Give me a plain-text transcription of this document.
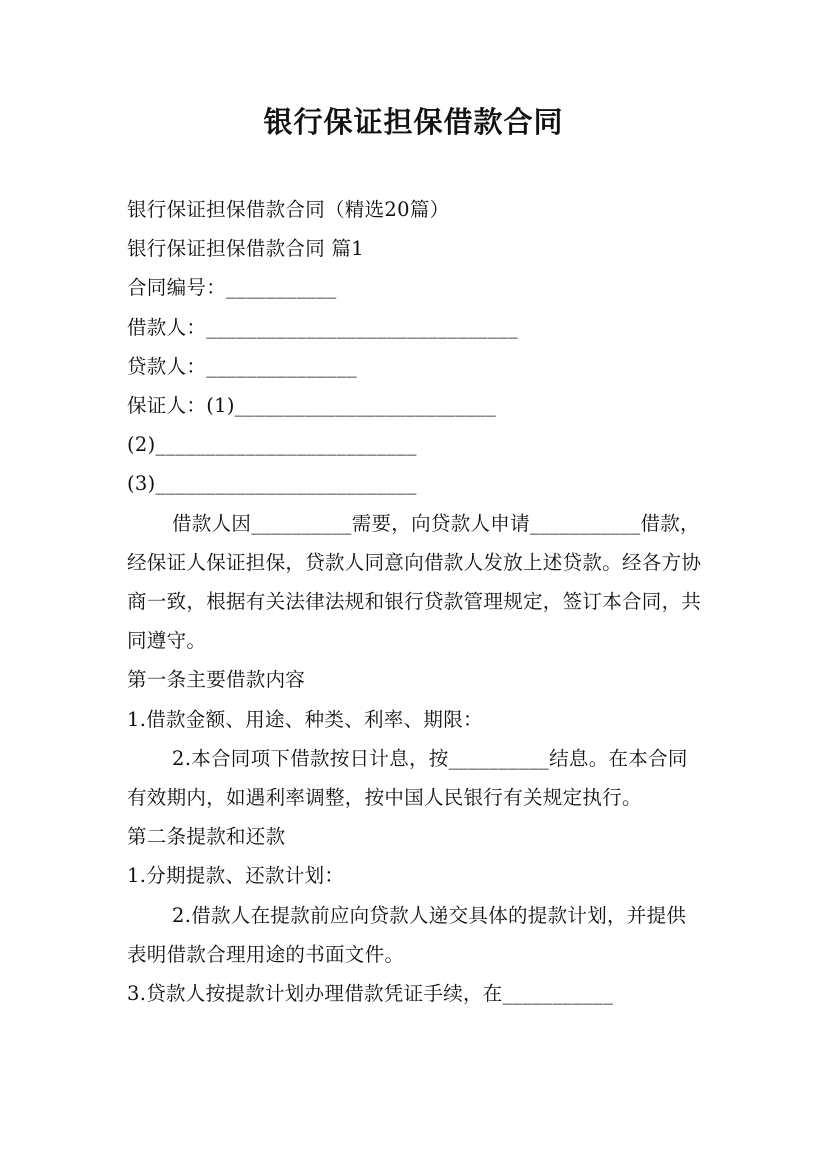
银行保证担保借款合同

银行保证担保借款合同（精选20篇）

银行保证担保借款合同 篇1

合同编号：___________

借款人：_______________________________

贷款人：_______________

保证人：(1)__________________________

(2)__________________________

(3)__________________________

借款人因__________需要，向贷款人申请___________借款，经保证人保证担保，贷款人同意向借款人发放上述贷款。经各方协商一致，根据有关法律法规和银行贷款管理规定，签订本合同，共同遵守。

第一条主要借款内容

1.借款金额、用途、种类、利率、期限：

2.本合同项下借款按日计息，按__________结息。在本合同有效期内，如遇利率调整，按中国人民银行有关规定执行。

第二条提款和还款

1.分期提款、还款计划：

2.借款人在提款前应向贷款人递交具体的提款计划，并提供表明借款合理用途的书面文件。

3.贷款人按提款计划办理借款凭证手续，在___________
